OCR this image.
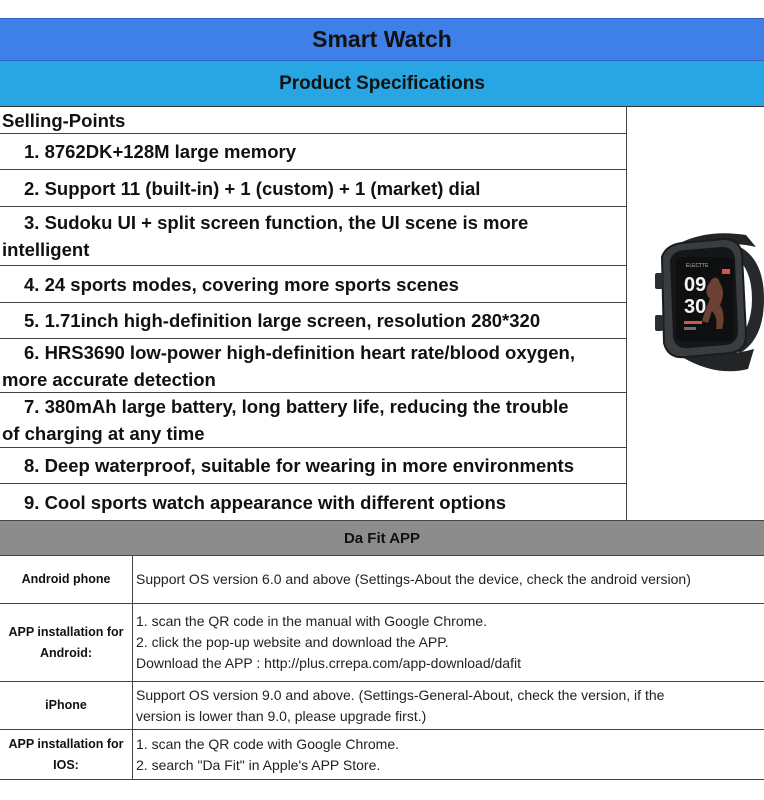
Smart Watch
Product Specifications
Selling-Points
1. 8762DK+128M large memory
2. Support 11 (built-in) + 1 (custom) + 1 (market) dial
3. Sudoku UI + split screen function, the UI scene is more
intelligent
4. 24 sports modes, covering more sports scenes
5. 1.71inch high-definition large screen, resolution 280*320
6. HRS3690 low-power high-definition heart rate/blood oxygen,
more accurate detection
7. 380mAh large battery, long battery life, reducing the trouble
of charging at any time
8. Deep waterproof, suitable for wearing in more environments
9. Cool sports watch appearance with different options
ELECTTE
09
30
Da Fit APP
Android phone Support OS version 6.0 and above (Settings-About the device, check the android version)
APP installation for
Android:
1. scan the QR code in the manual with Google Chrome.
2. click the pop-up website and download the APP.
Download the APP : http://plus.crrepa.com/app-download/dafit
iPhone
Support OS version 9.0 and above. (Settings-General-About, check the version, if the
version is lower than 9.0, please upgrade first.)
APP installation for
IOS:
1. scan the QR code with Google Chrome.
2. search "Da Fit" in Apple's APP Store.
